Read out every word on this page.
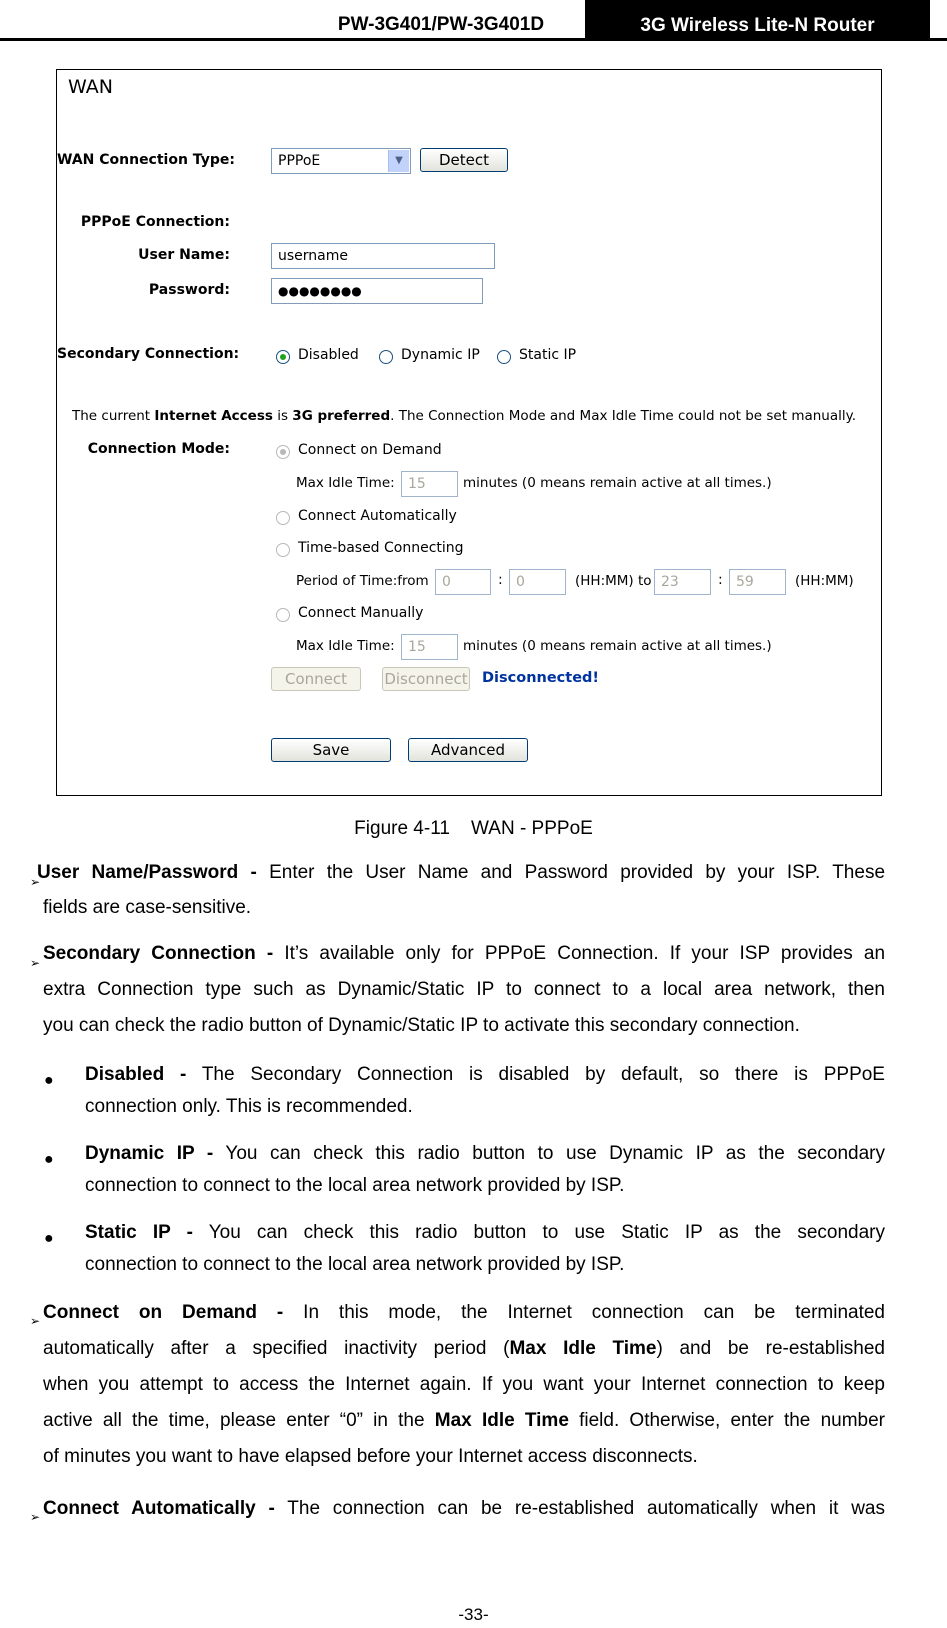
PW-3G401/PW-3G401D	3G Wireless Lite-N Router
WAN
WAN Connection Type:	PPPoE	▼	Detect
PPPoE Connection:
User Name:	username
Password:	●●●●●●●●
Secondary Connection:	Disabled	Dynamic IP	Static IP
The current Internet Access is 3G preferred. The Connection Mode and Max Idle Time could not be set manually.
Connection Mode:	Connect on Demand
Max Idle Time: 15	minutes (0 means remain active at all times.)
Connect Automatically
Time-based Connecting
Period of Time:from 0	: 0	(HH:MM) to 23	: 59	(HH:MM)
Connect Manually
Max Idle Time: 15	minutes (0 means remain active at all times.)
Connect	Disconnect Disconnected!
Save	Advanced
Figure 4-11    WAN - PPPoE
➢
User Name/Password - Enter the User Name and Password provided by your ISP. These
fields are case-sensitive.
➢ Secondary Connection - It’s available only for PPPoE Connection. If your ISP provides an
extra Connection type such as Dynamic/Static IP to connect to a local area network, then
you can check the radio button of Dynamic/Static IP to activate this secondary connection.
● Disabled - The Secondary Connection is disabled by default, so there is PPPoE
connection only. This is recommended.
● Dynamic IP - You can check this radio button to use Dynamic IP as the secondary
connection to connect to the local area network provided by ISP.
● Static IP - You can check this radio button to use Static IP as the secondary
connection to connect to the local area network provided by ISP.
➢ Connect on Demand - In this mode, the Internet connection can be terminated
automatically after a specified inactivity period (Max Idle Time) and be re-established
when you attempt to access the Internet again. If you want your Internet connection to keep
active all the time, please enter “0” in the Max Idle Time field. Otherwise, enter the number
of minutes you want to have elapsed before your Internet access disconnects.
➢ Connect Automatically - The connection can be re-established automatically when it was
-33-
